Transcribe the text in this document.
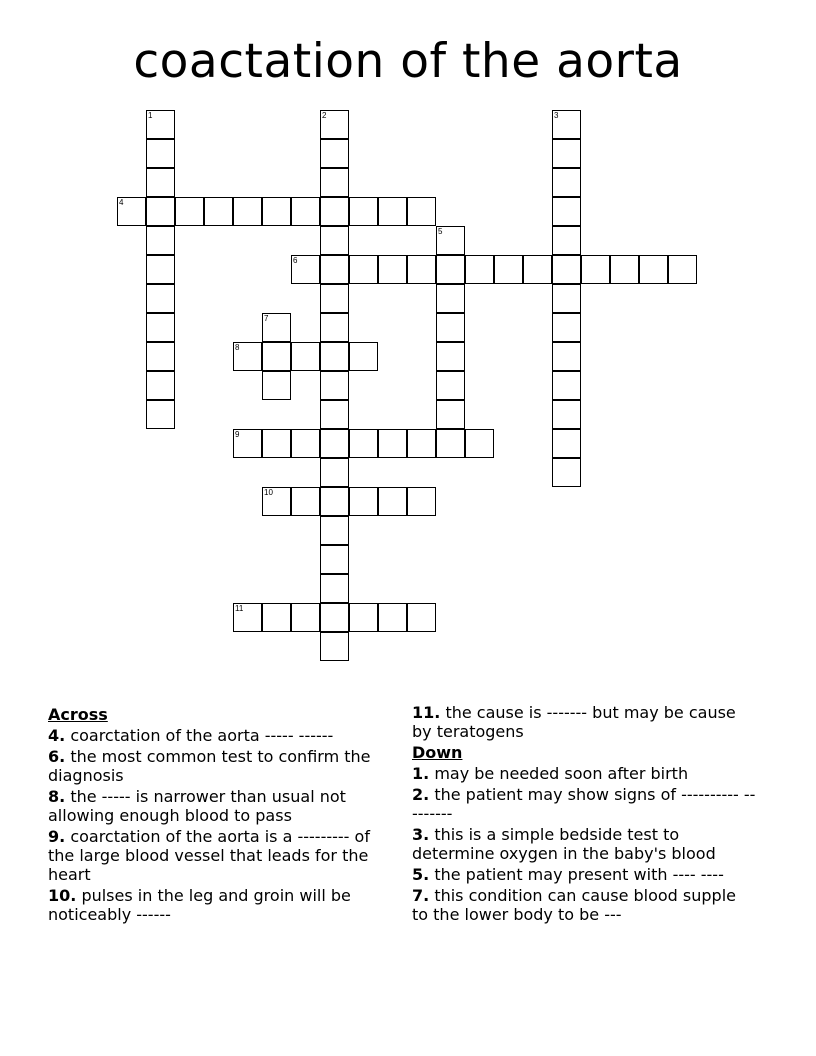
coactation of the aorta
1	2	3
4
5
6
7
8
9
10
11
Across
4. coarctation of the aorta ----- ------
6. the most common test to confirm the diagnosis
8. the ----- is narrower than usual not allowing enough blood to pass
9. coarctation of the aorta is a --------- of the large blood vessel that leads for the heart
10. pulses in the leg and groin will be noticeably ------
11. the cause is ------- but may be cause by teratogens
Down
1. may be needed soon after birth
2. the patient may show signs of ---------- ---------
3. this is a simple bedside test to determine oxygen in the baby's blood
5. the patient may present with ---- ----
7. this condition can cause blood supple to the lower body to be ---
